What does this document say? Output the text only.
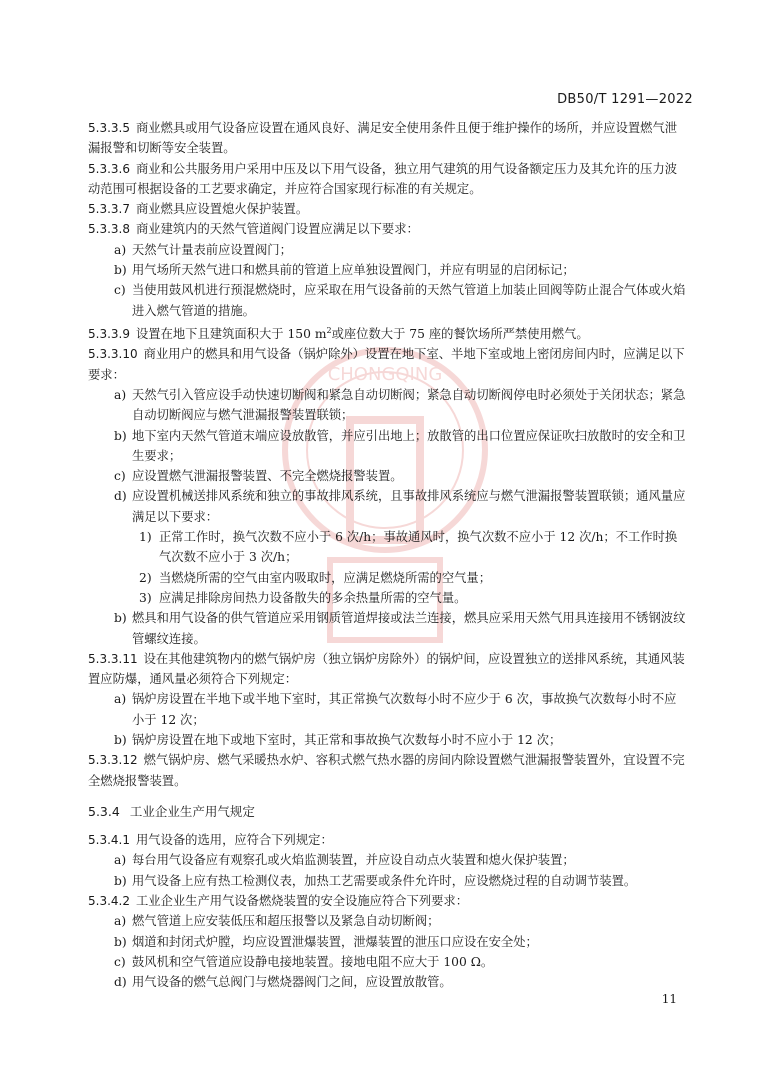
DB50/T 1291—2022
CHONGQING

5.3.3.5 商业燃具或用气设备应设置在通风良好、满足安全使用条件且便于维护操作的场所，并应设置燃气泄漏报警和切断等安全装置。

5.3.3.6 商业和公共服务用户采用中压及以下用气设备，独立用气建筑的用气设备额定压力及其允许的压力波动范围可根据设备的工艺要求确定，并应符合国家现行标准的有关规定。

5.3.3.7 商业燃具应设置熄火保护装置。

5.3.3.8 商业建筑内的天然气管道阀门设置应满足以下要求：

a) 天然气计量表前应设置阀门；

b) 用气场所天然气进口和燃具前的管道上应单独设置阀门，并应有明显的启闭标记；

c) 当使用鼓风机进行预混燃烧时，应采取在用气设备前的天然气管道上加装止回阀等防止混合气体或火焰进入燃气管道的措施。

5.3.3.9 设置在地下且建筑面积大于 150 $m^2$或座位数大于 75 座的餐饮场所严禁使用燃气。

5.3.3.10 商业用户的燃具和用气设备（锅炉除外）设置在地下室、半地下室或地上密闭房间内时，应满足以下要求：

a) 天然气引入管应设手动快速切断阀和紧急自动切断阀；紧急自动切断阀停电时必须处于关闭状态；紧急自动切断阀应与燃气泄漏报警装置联锁；

b) 地下室内天然气管道末端应设放散管，并应引出地上；放散管的出口位置应保证吹扫放散时的安全和卫生要求；

c) 应设置燃气泄漏报警装置、不完全燃烧报警装置。

d) 应设置机械送排风系统和独立的事故排风系统，且事故排风系统应与燃气泄漏报警装置联锁；通风量应满足以下要求：

1) 正常工作时，换气次数不应小于 6 次/h；事故通风时，换气次数不应小于 12 次/h；不工作时换气次数不应小于 3 次/h；

2) 当燃烧所需的空气由室内吸取时，应满足燃烧所需的空气量；

3) 应满足排除房间热力设备散失的多余热量所需的空气量。

b) 燃具和用气设备的供气管道应采用钢质管道焊接或法兰连接，燃具应采用天然气用具连接用不锈钢波纹管螺纹连接。

5.3.3.11 设在其他建筑物内的燃气锅炉房（独立锅炉房除外）的锅炉间，应设置独立的送排风系统，其通风装置应防爆，通风量必须符合下列规定：

a) 锅炉房设置在半地下或半地下室时，其正常换气次数每小时不应少于 6 次，事故换气次数每小时不应小于 12 次；

b) 锅炉房设置在地下或地下室时，其正常和事故换气次数每小时不应小于 12 次；

5.3.3.12 燃气锅炉房、燃气采暖热水炉、容积式燃气热水器的房间内除设置燃气泄漏报警装置外，宜设置不完全燃烧报警装置。

5.3.4 工业企业生产用气规定

5.3.4.1 用气设备的选用，应符合下列规定：

a) 每台用气设备应有观察孔或火焰监测装置，并应设自动点火装置和熄火保护装置；

b) 用气设备上应有热工检测仪表，加热工艺需要或条件允许时，应设燃烧过程的自动调节装置。

5.3.4.2 工业企业生产用气设备燃烧装置的安全设施应符合下列要求：

a) 燃气管道上应安装低压和超压报警以及紧急自动切断阀；

b) 烟道和封闭式炉膛，均应设置泄爆装置，泄爆装置的泄压口应设在安全处；

c) 鼓风机和空气管道应设静电接地装置。接地电阻不应大于 100 Ω。

d) 用气设备的燃气总阀门与燃烧器阀门之间，应设置放散管。

11
